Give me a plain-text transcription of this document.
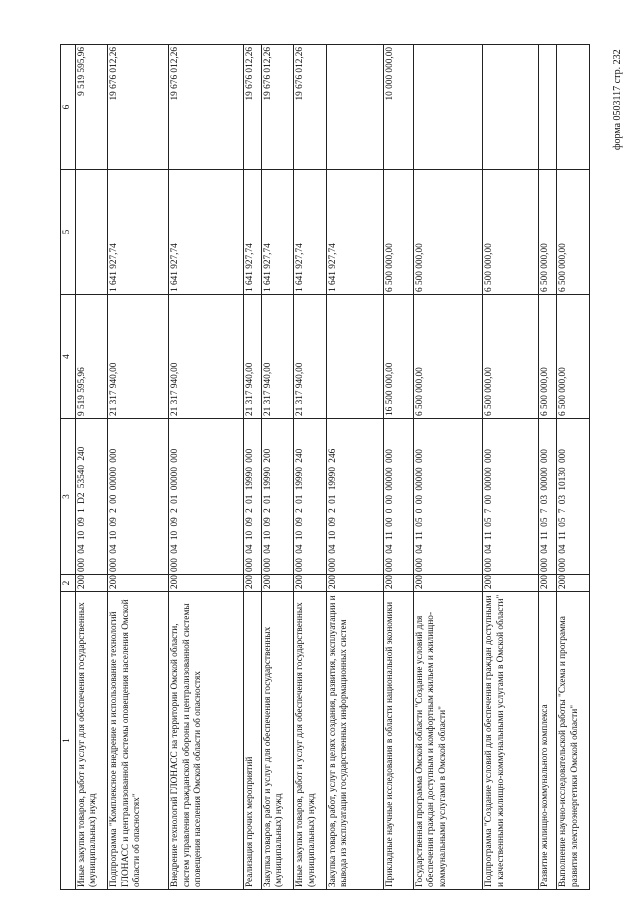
форма 0503117 стр. 232
1	2	3	4	5	6
Иные закупки товаров, работ и услуг для обеспечения государственных (муниципальных) нужд	200	000 04 10 09 1 D2 53540 240	9 519 595,96		9 519 595,96
Подпрограмма "Комплексное внедрение и использование технологий ГЛОНАСС и централизованной системы оповещения населения Омской области об опасностях"	200	000 04 10 09 2 00 00000 000	21 317 940,00	1 641 927,74	19 676 012,26
Внедрение технологий ГЛОНАСС на территории Омской области, систем управления гражданской обороны и централизованной системы оповещения населения Омской области об опасностях	200	000 04 10 09 2 01 00000 000	21 317 940,00	1 641 927,74	19 676 012,26
Реализация прочих мероприятий	200	000 04 10 09 2 01 19990 000	21 317 940,00	1 641 927,74	19 676 012,26
Закупка товаров, работ и услуг для обеспечения государственных (муниципальных) нужд	200	000 04 10 09 2 01 19990 200	21 317 940,00	1 641 927,74	19 676 012,26
Иные закупки товаров, работ и услуг для обеспечения государственных (муниципальных) нужд	200	000 04 10 09 2 01 19990 240	21 317 940,00	1 641 927,74	19 676 012,26
Закупка товаров, работ, услуг в целях создания, развития, эксплуатации и вывода из эксплуатации государственных информационных систем	200	000 04 10 09 2 01 19990 246		1 641 927,74	
Прикладные научные исследования в области национальной экономики	200	000 04 11 00 0 00 00000 000	16 500 000,00	6 500 000,00	10 000 000,00
Государственная программа Омской области "Создание условий для обеспечения граждан доступным и комфортным жильем и жилищно-коммунальными услугами в Омской области"	200	000 04 11 05 0 00 00000 000	6 500 000,00	6 500 000,00	
Подпрограмма "Создание условий для обеспечения граждан доступными и качественными жилищно-коммунальными услугами в Омской области"	200	000 04 11 05 7 00 00000 000	6 500 000,00	6 500 000,00	
Развитие жилищно-коммунального комплекса	200	000 04 11 05 7 03 00000 000	6 500 000,00	6 500 000,00	
Выполнение научно-исследовательской работы "Схема и программа развития электроэнергетики Омской области"	200	000 04 11 05 7 03 10130 000	6 500 000,00	6 500 000,00	
